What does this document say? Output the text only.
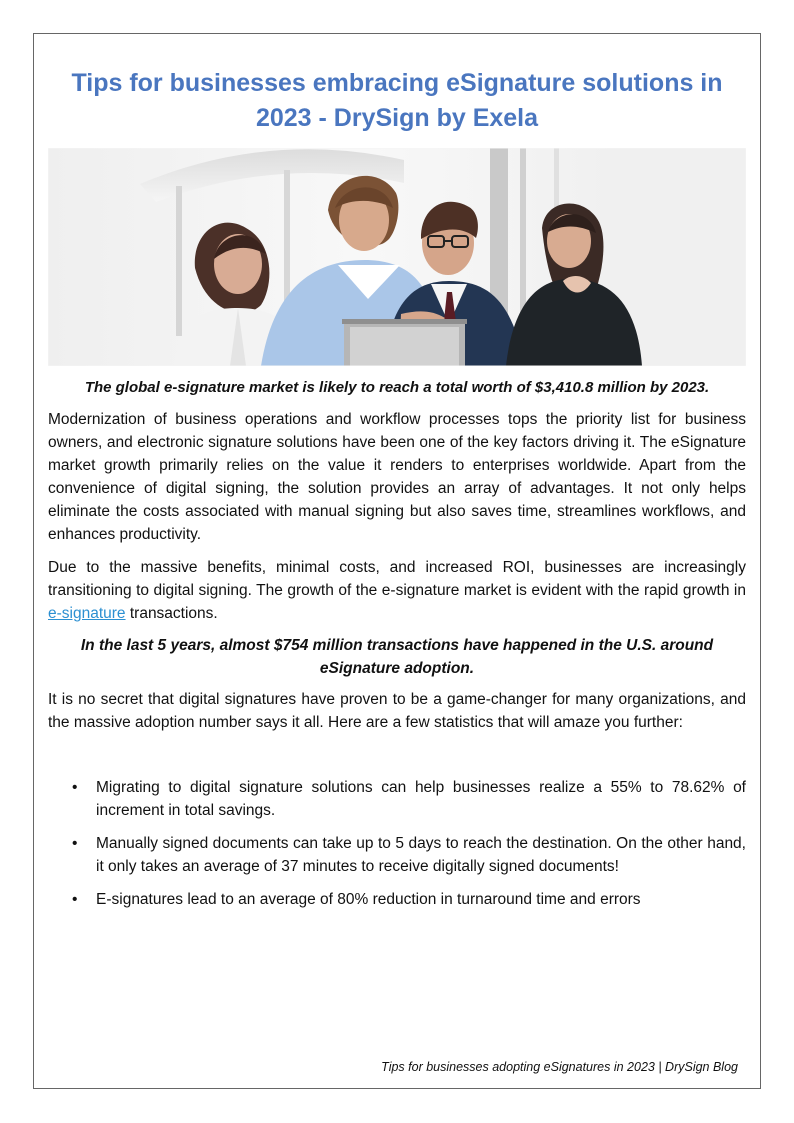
Tips for businesses embracing eSignature solutions in 2023 - DrySign by Exela

The global e-signature market is likely to reach a total worth of $3,410.8 million by 2023.

Modernization of business operations and workflow processes tops the priority list for business owners, and electronic signature solutions have been one of the key factors driving it. The eSignature market growth primarily relies on the value it renders to enterprises worldwide. Apart from the convenience of digital signing, the solution provides an array of advantages. It not only helps eliminate the costs associated with manual signing but also saves time, streamlines workflows, and enhances productivity.

Due to the massive benefits, minimal costs, and increased ROI, businesses are increasingly transitioning to digital signing. The growth of the e-signature market is evident with the rapid growth in e-signature transactions.

In the last 5 years, almost $754 million transactions have happened in the U.S. around eSignature adoption.

It is no secret that digital signatures have proven to be a game-changer for many organizations, and the massive adoption number says it all. Here are a few statistics that will amaze you further:

• Migrating to digital signature solutions can help businesses realize a 55% to 78.62% of increment in total savings.
• Manually signed documents can take up to 5 days to reach the destination. On the other hand, it only takes an average of 37 minutes to receive digitally signed documents!
• E-signatures lead to an average of 80% reduction in turnaround time and errors

Tips for businesses adopting eSignatures in 2023 | DrySign Blog
